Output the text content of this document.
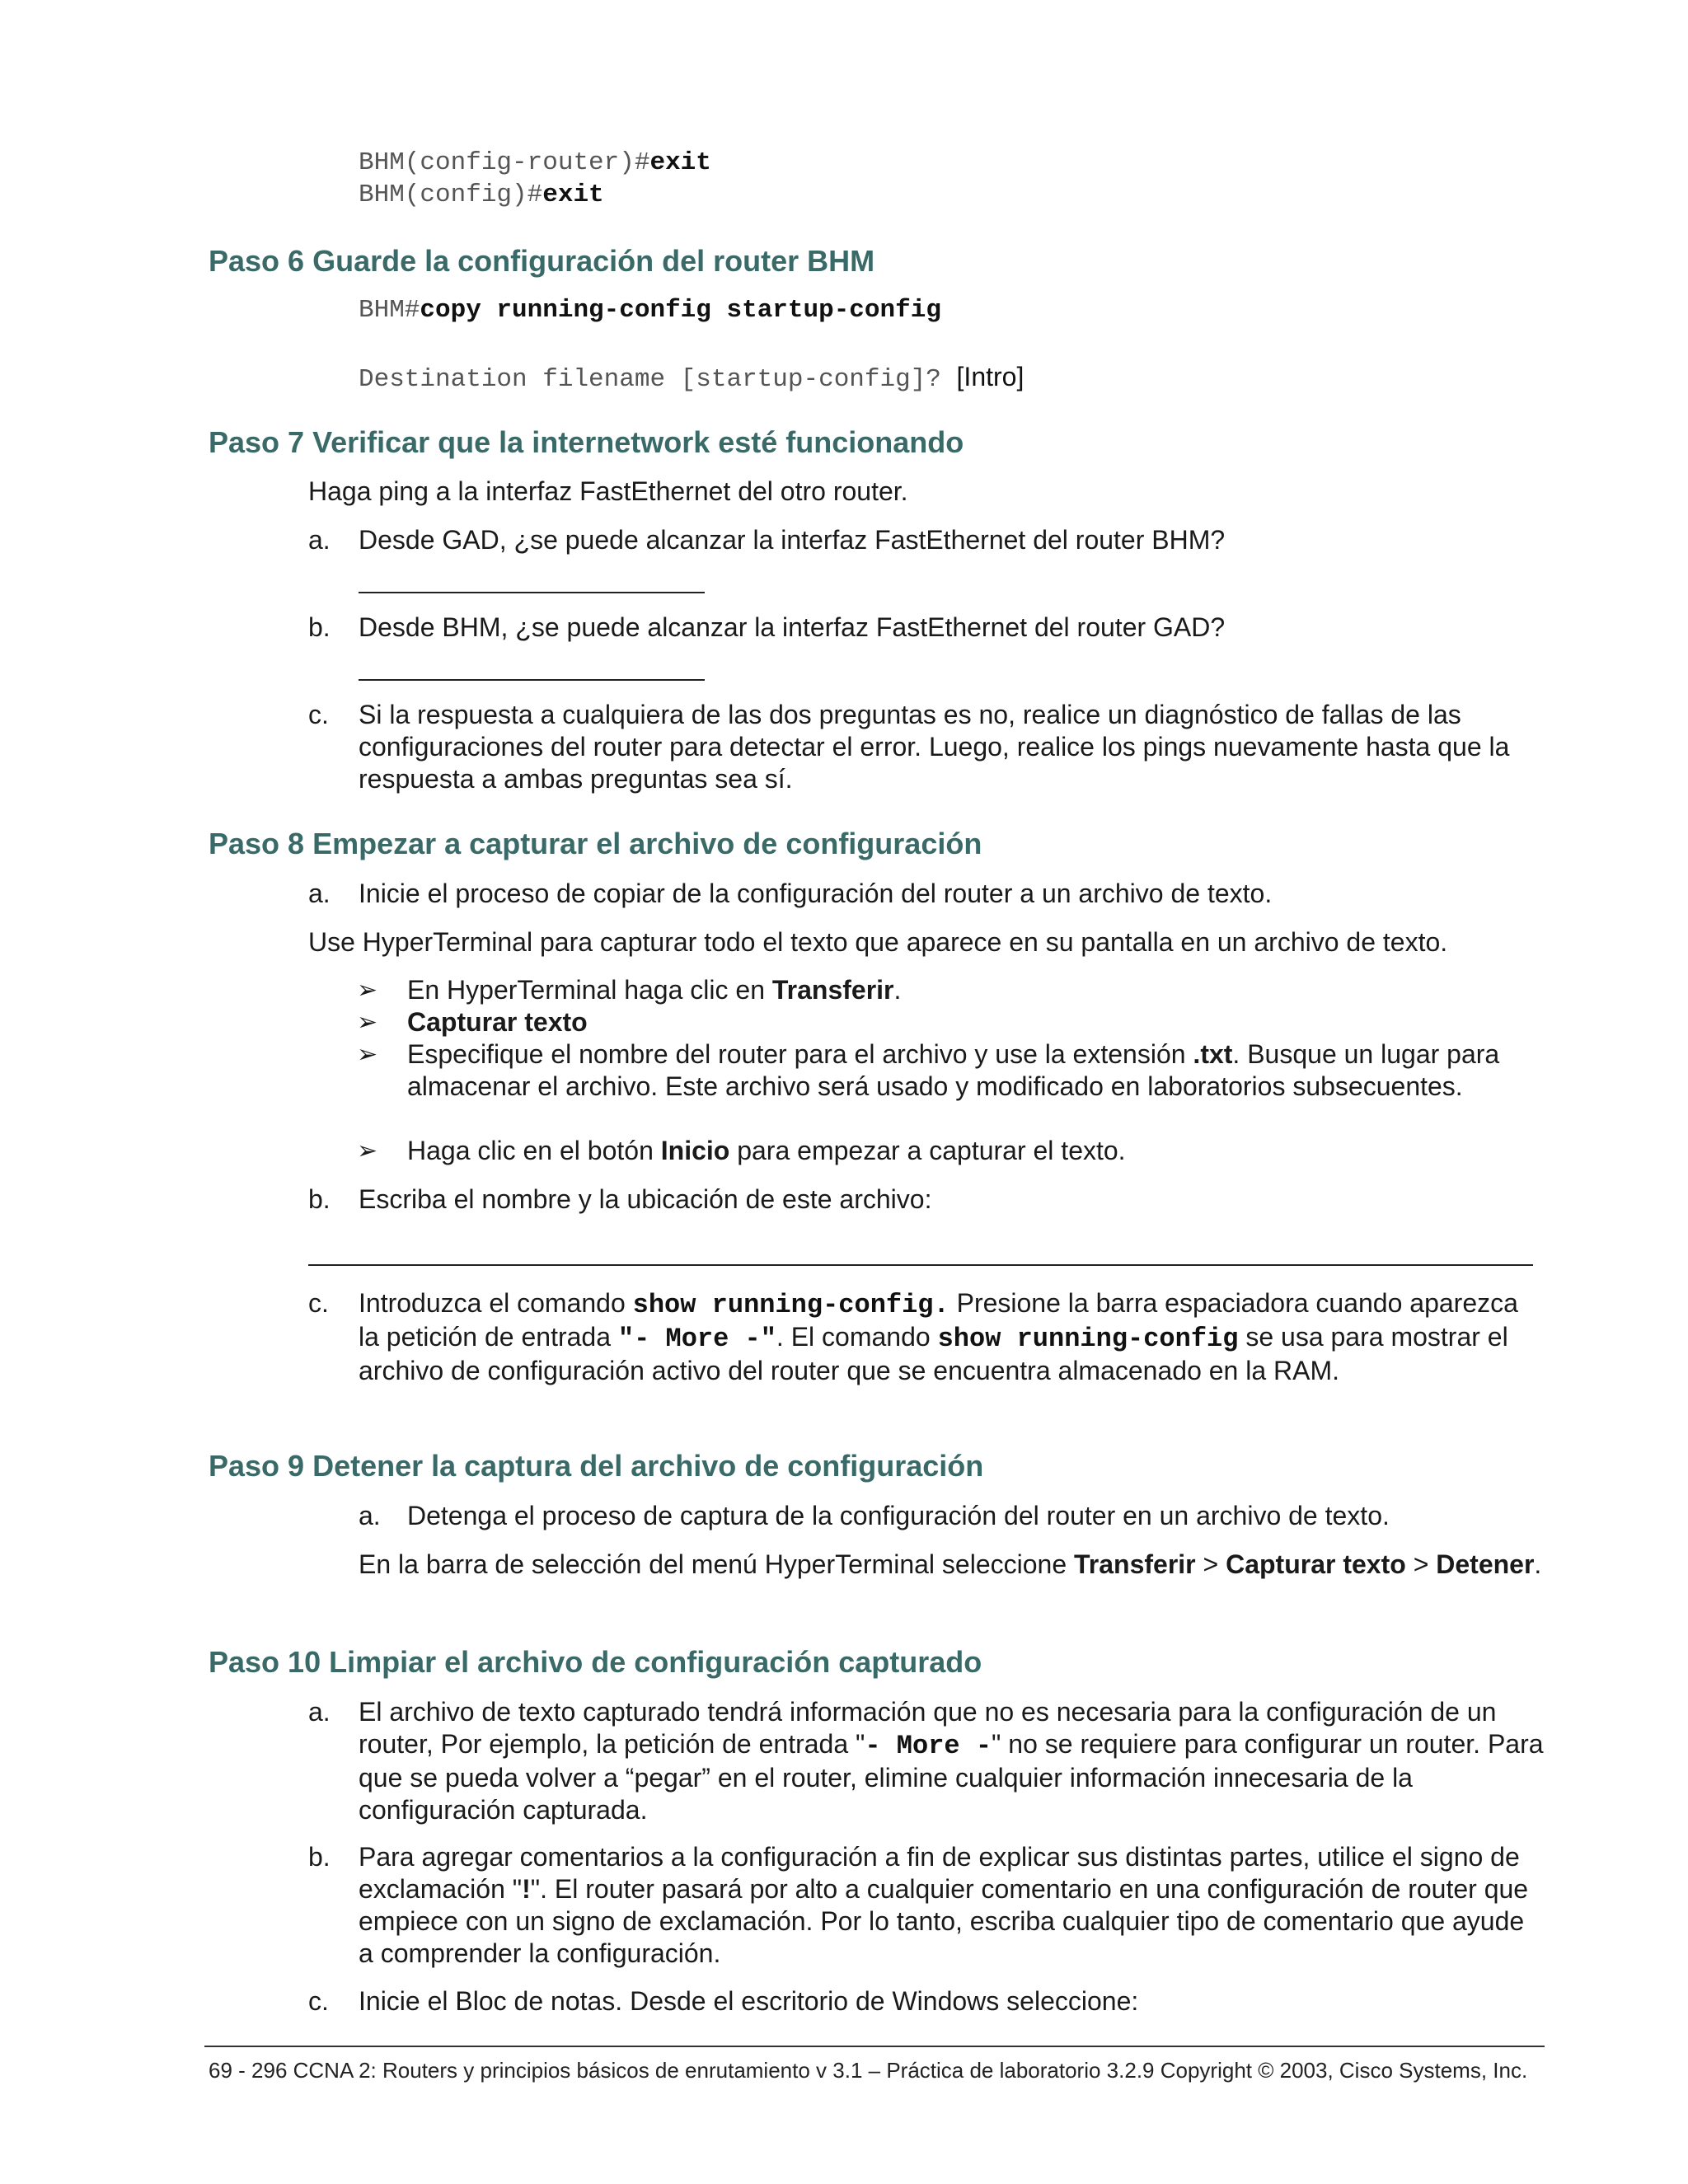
BHM(config-router)#exit
BHM(config)#exit
Paso 6 Guarde la configuración del router BHM
BHM#copy running-config startup-config
Destination filename [startup-config]? [Intro]
Paso 7 Verificar que la internetwork esté funcionando
Haga ping a la interfaz FastEthernet del otro router.
a. Desde GAD, ¿se puede alcanzar la interfaz FastEthernet del router BHM?
b. Desde BHM, ¿se puede alcanzar la interfaz FastEthernet del router GAD?
c. Si la respuesta a cualquiera de las dos preguntas es no, realice un diagnóstico de fallas de las configuraciones del router para detectar el error. Luego, realice los pings nuevamente hasta que la respuesta a ambas preguntas sea sí.
Paso 8 Empezar a capturar el archivo de configuración
a. Inicie el proceso de copiar de la configuración del router a un archivo de texto.
Use HyperTerminal para capturar todo el texto que aparece en su pantalla en un archivo de texto.
➢ En HyperTerminal haga clic en Transferir.
➢ Capturar texto
➢ Especifique el nombre del router para el archivo y use la extensión .txt. Busque un lugar para almacenar el archivo. Este archivo será usado y modificado en laboratorios subsecuentes.
➢ Haga clic en el botón Inicio para empezar a capturar el texto.
b. Escriba el nombre y la ubicación de este archivo:
c. Introduzca el comando show running-config. Presione la barra espaciadora cuando aparezca la petición de entrada "- More -". El comando show running-config se usa para mostrar el archivo de configuración activo del router que se encuentra almacenado en la RAM.
Paso 9 Detener la captura del archivo de configuración
a. Detenga el proceso de captura de la configuración del router en un archivo de texto.
En la barra de selección del menú HyperTerminal seleccione Transferir > Capturar texto > Detener.
Paso 10 Limpiar el archivo de configuración capturado
a. El archivo de texto capturado tendrá información que no es necesaria para la configuración de un router, Por ejemplo, la petición de entrada "- More -" no se requiere para configurar un router. Para que se pueda volver a “pegar” en el router, elimine cualquier información innecesaria de la configuración capturada.
b. Para agregar comentarios a la configuración a fin de explicar sus distintas partes, utilice el signo de exclamación "!". El router pasará por alto a cualquier comentario en una configuración de router que empiece con un signo de exclamación. Por lo tanto, escriba cualquier tipo de comentario que ayude a comprender la configuración.
c. Inicie el Bloc de notas. Desde el escritorio de Windows seleccione:
69 - 296 CCNA 2: Routers y principios básicos de enrutamiento v 3.1 – Práctica de laboratorio 3.2.9 Copyright © 2003, Cisco Systems, Inc.
